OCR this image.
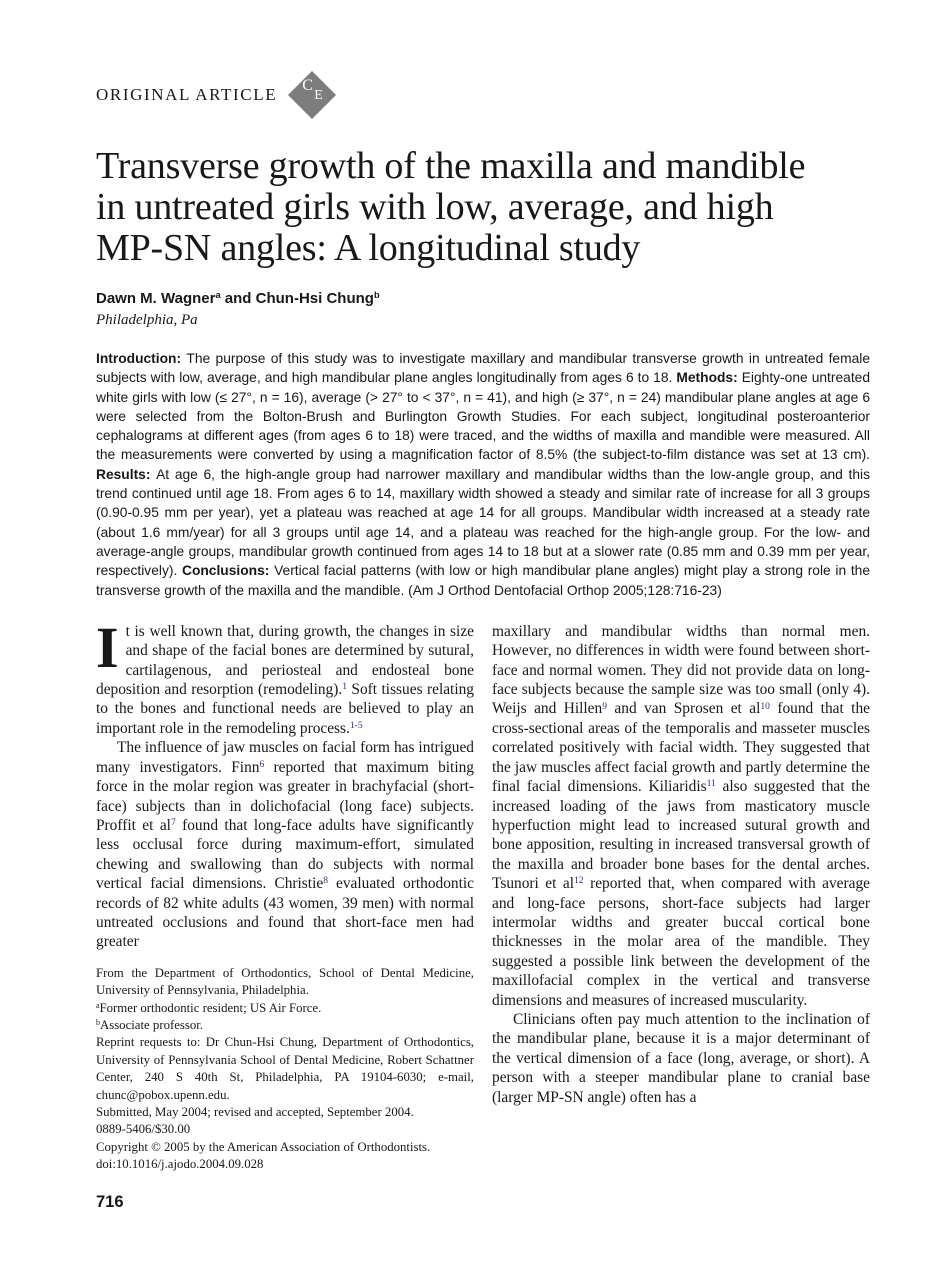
ORIGINAL ARTICLE C
E
Transverse growth of the maxilla and mandible
in untreated girls with low, average, and high
MP-SN angles: A longitudinal study
Dawn M. Wagner$^a$ and Chun-Hsi Chung$^b$
Philadelphia, Pa

Introduction: The purpose of this study was to investigate maxillary and mandibular transverse growth in untreated female subjects with low, average, and high mandibular plane angles longitudinally from ages 6 to 18. Methods: Eighty-one untreated white girls with low (≤ 27°, n = 16), average (> 27° to < 37°, n = 41), and high (≥ 37°, n = 24) mandibular plane angles at age 6 were selected from the Bolton-Brush and Burlington Growth Studies. For each subject, longitudinal posteroanterior cephalograms at different ages (from ages 6 to 18) were traced, and the widths of maxilla and mandible were measured. All the measurements were converted by using a magnification factor of 8.5% (the subject-to-film distance was set at 13 cm). Results: At age 6, the high-angle group had narrower maxillary and mandibular widths than the low-angle group, and this trend continued until age 18. From ages 6 to 14, maxillary width showed a steady and similar rate of increase for all 3 groups (0.90-0.95 mm per year), yet a plateau was reached at age 14 for all groups. Mandibular width increased at a steady rate (about 1.6 mm/year) for all 3 groups until age 14, and a plateau was reached for the high-angle group. For the low- and average-angle groups, mandibular growth continued from ages 14 to 18 but at a slower rate (0.85 mm and 0.39 mm per year, respectively). Conclusions: Vertical facial patterns (with low or high mandibular plane angles) might play a strong role in the transverse growth of the maxilla and the mandible. (Am J Orthod Dentofacial Orthop 2005;128:716-23)

It is well known that, during growth, the changes in size and shape of the facial bones are determined by sutural, cartilagenous, and periosteal and endosteal bone deposition and resorption (remodeling).$^1$ Soft tissues relating to the bones and functional needs are believed to play an important role in the remodeling process.$^{1-5}$

The influence of jaw muscles on facial form has intrigued many investigators. Finn$^6$ reported that maximum biting force in the molar region was greater in brachyfacial (short-face) subjects than in dolichofacial (long face) subjects. Proffit et al$^7$ found that long-face adults have significantly less occlusal force during maximum-effort, simulated chewing and swallowing than do subjects with normal vertical facial dimensions. Christie$^8$ evaluated orthodontic records of 82 white adults (43 women, 39 men) with normal untreated occlusions and found that short-face men had greater

From the Department of Orthodontics, School of Dental Medicine, University of Pennsylvania, Philadelphia.

$^a$Former orthodontic resident; US Air Force.

$^b$Associate professor.

Reprint requests to: Dr Chun-Hsi Chung, Department of Orthodontics, University of Pennsylvania School of Dental Medicine, Robert Schattner Center, 240 S 40th St, Philadelphia, PA 19104-6030; e-mail, chunc@pobox.upenn.edu.

Submitted, May 2004; revised and accepted, September 2004.

0889-5406/$30.00

Copyright © 2005 by the American Association of Orthodontists.

doi:10.1016/j.ajodo.2004.09.028

716

maxillary and mandibular widths than normal men. However, no differences in width were found between short-face and normal women. They did not provide data on long-face subjects because the sample size was too small (only 4). Weijs and Hillen$^9$ and van Sprosen et al$^{10}$ found that the cross-sectional areas of the temporalis and masseter muscles correlated positively with facial width. They suggested that the jaw muscles affect facial growth and partly determine the final facial dimensions. Kiliaridis$^{11}$ also suggested that the increased loading of the jaws from masticatory muscle hyperfuction might lead to increased sutural growth and bone apposition, resulting in increased transversal growth of the maxilla and broader bone bases for the dental arches. Tsunori et al$^{12}$ reported that, when compared with average and long-face persons, short-face subjects had larger intermolar widths and greater buccal cortical bone thicknesses in the molar area of the mandible. They suggested a possible link between the development of the maxillofacial complex in the vertical and transverse dimensions and measures of increased muscularity.

Clinicians often pay much attention to the inclination of the mandibular plane, because it is a major determinant of the vertical dimension of a face (long, average, or short). A person with a steeper mandibular plane to cranial base (larger MP-SN angle) often has a
